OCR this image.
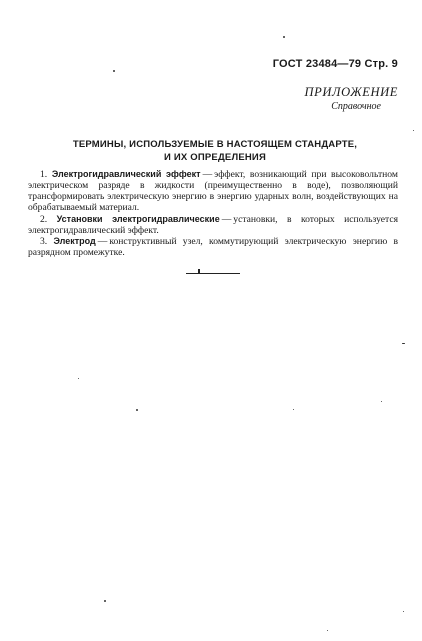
ГОСТ 23484—79 Стр. 9
ПРИЛОЖЕНИЕ
Справочное
ТЕРМИНЫ, ИСПОЛЬЗУЕМЫЕ В НАСТОЯЩЕМ СТАНДАРТЕ,
И ИХ ОПРЕДЕЛЕНИЯ

1. Электрогидравлический эффект — эффект, возникающий при высоковольтном электрическом разряде в жидкости (преимущественно в воде), позволяющий трансформировать электрическую энергию в энергию ударных волн, воздействующих на обрабатываемый материал.

2. Установки электрогидравлические — установки, в которых используется электрогидравлический эффект.

3. Электрод — конструктивный узел, коммутирующий электрическую энергию в разрядном промежутке.
